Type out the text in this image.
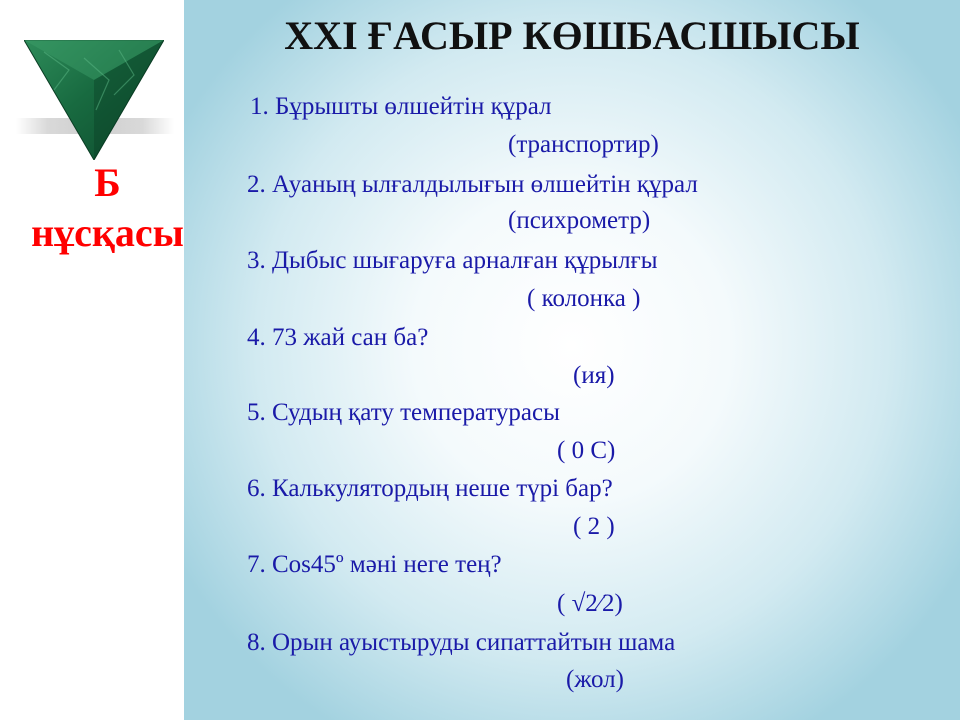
Б
нұсқасы
XXI ҒАСЫР КӨШБАСШЫСЫ
1. Бұрышты өлшейтін құрал
(транспортир)
2. Ауаның ылғалдылығын өлшейтін құрал
(психрометр)
3. Дыбыс шығаруға арналған құрылғы
( колонка )
4. 73 жай сан ба?
(ия)
5. Судың қату температурасы
( 0 С)
6. Калькулятордың неше түрі бар?
( 2 )
7. Cos45º мәні неге тең?
( √2⁄2)
8. Орын ауыстыруды сипаттайтын шама
(жол)
